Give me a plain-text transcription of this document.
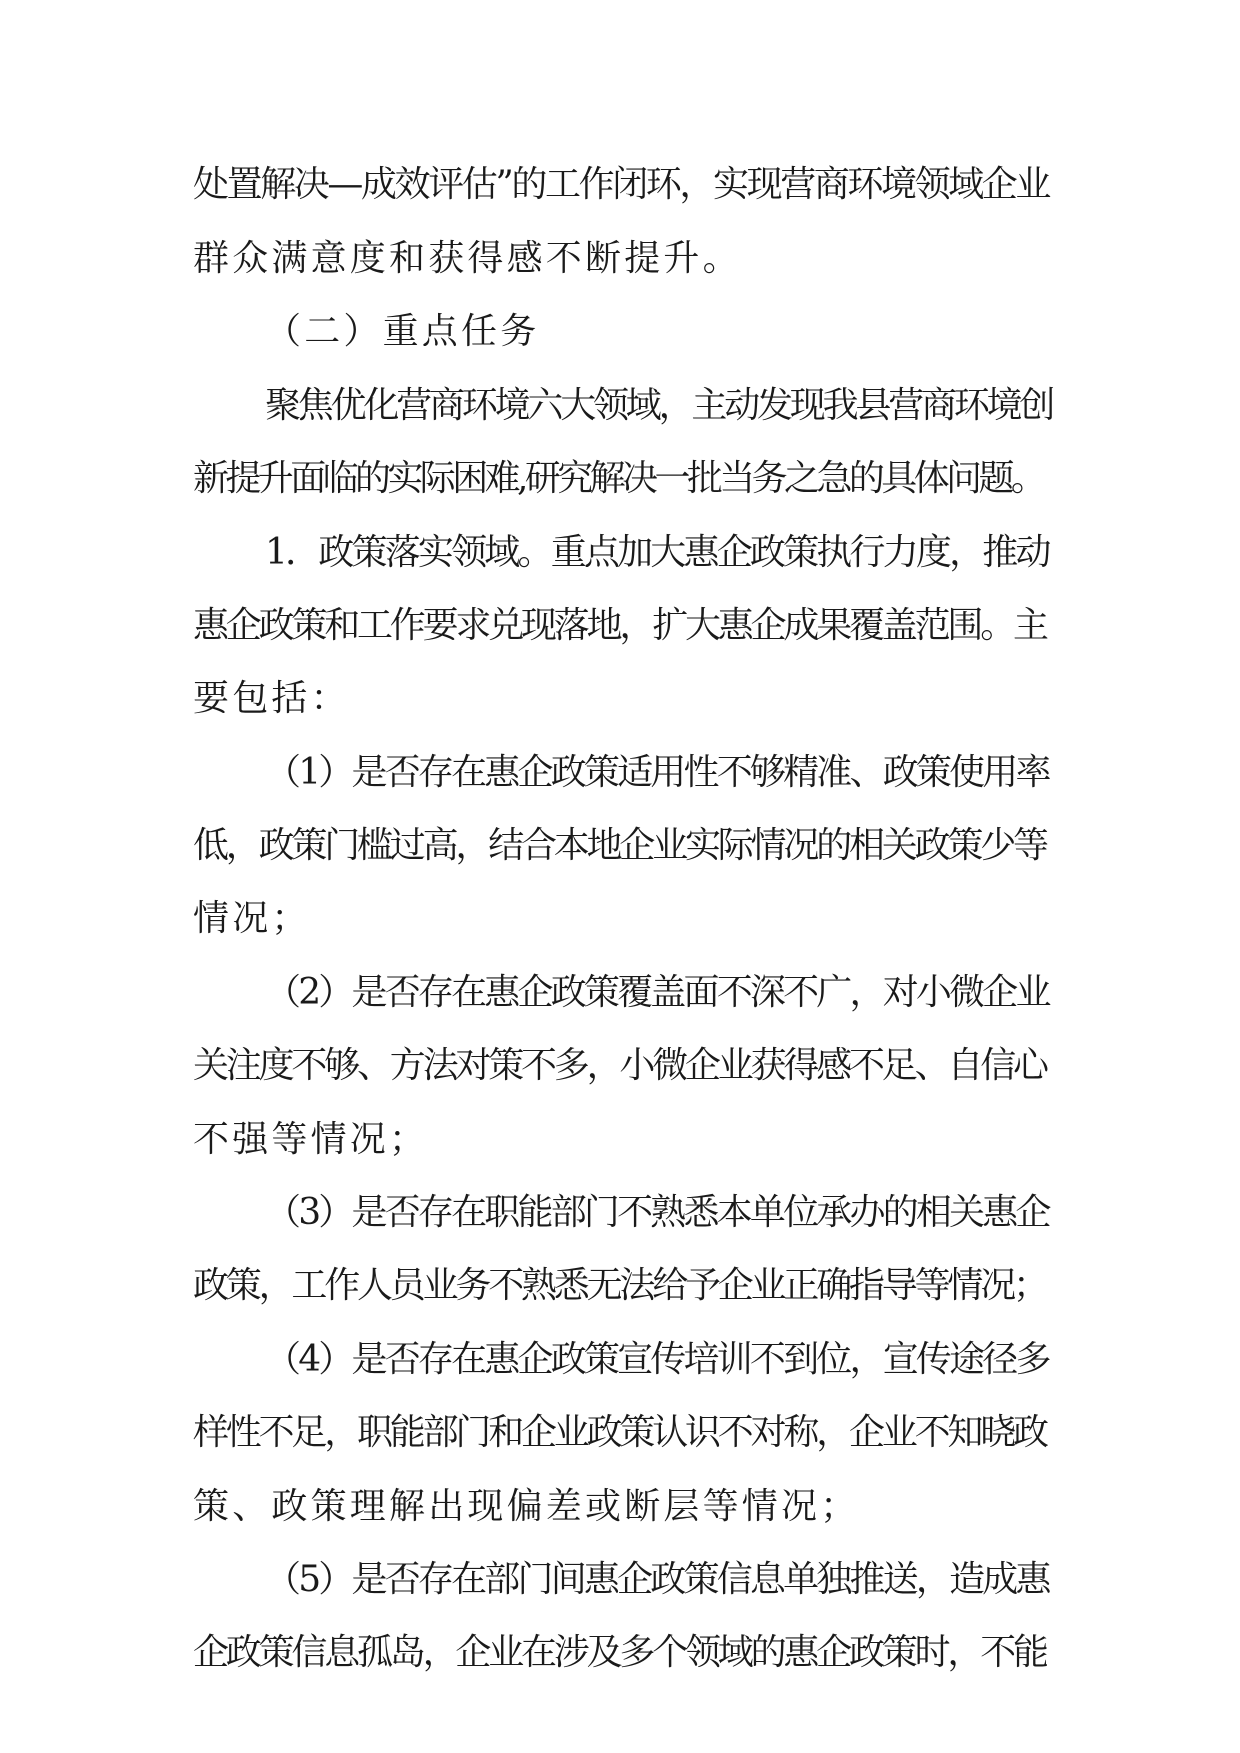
处置解决—成效评估”的工作闭环，实现营商环境领域企业
群众满意度和获得感不断提升。
（二）重点任务
聚焦优化营商环境六大领域，主动发现我县营商环境创
新提升面临的实际困难,研究解决一批当务之急的具体问题。
1．政策落实领域。重点加大惠企政策执行力度，推动
惠企政策和工作要求兑现落地，扩大惠企成果覆盖范围。主
要包括：
（1）是否存在惠企政策适用性不够精准、政策使用率
低，政策门槛过高，结合本地企业实际情况的相关政策少等
情况；
（2）是否存在惠企政策覆盖面不深不广，对小微企业
关注度不够、方法对策不多，小微企业获得感不足、自信心
不强等情况；
（3）是否存在职能部门不熟悉本单位承办的相关惠企
政策，工作人员业务不熟悉无法给予企业正确指导等情况；
（4）是否存在惠企政策宣传培训不到位，宣传途径多
样性不足，职能部门和企业政策认识不对称，企业不知晓政
策、政策理解出现偏差或断层等情况；
（5）是否存在部门间惠企政策信息单独推送，造成惠
企政策信息孤岛，企业在涉及多个领域的惠企政策时，不能
